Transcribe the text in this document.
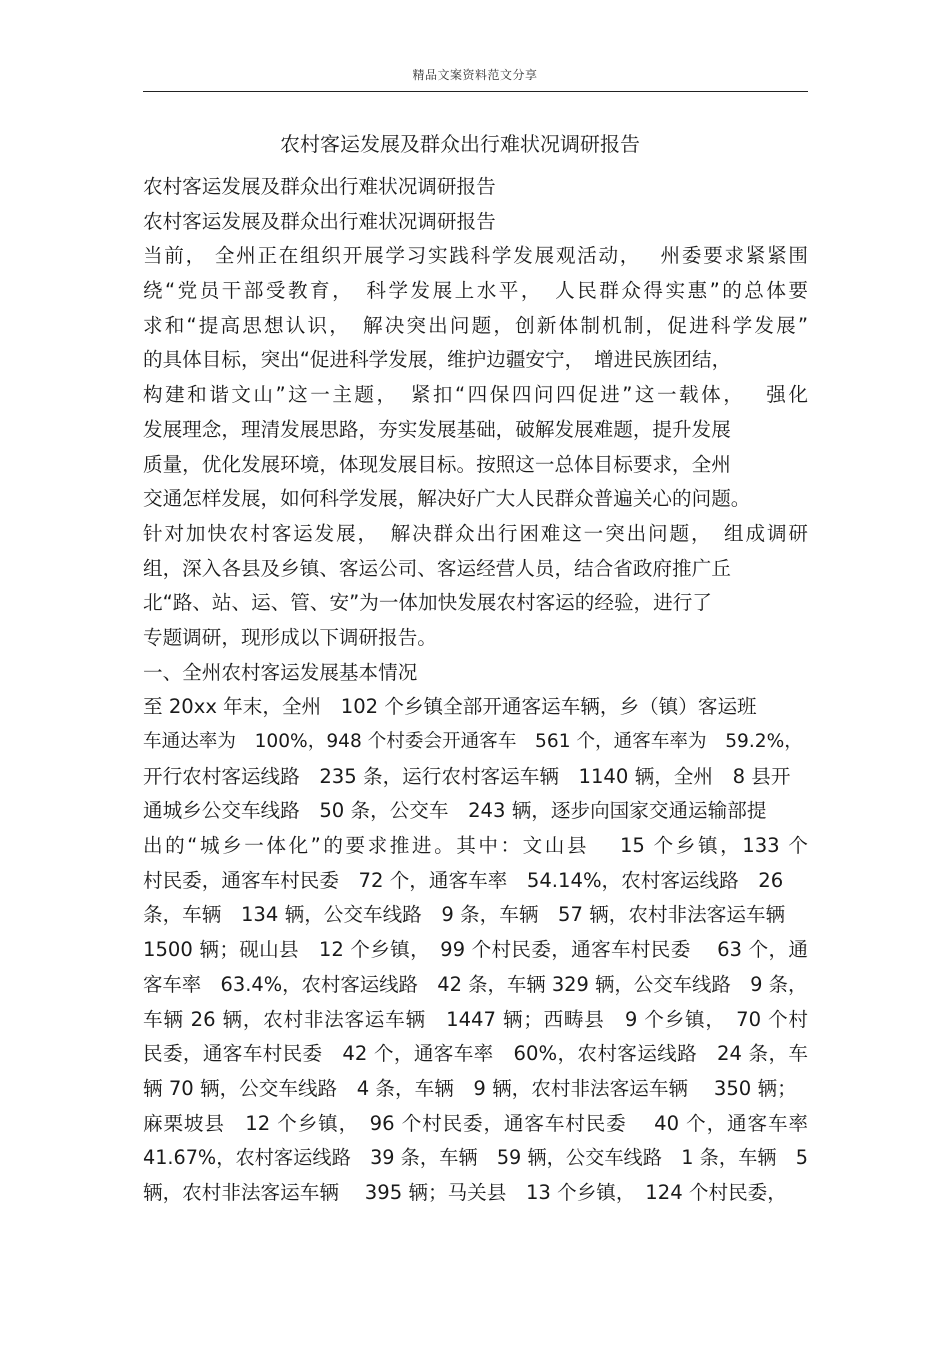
精品文案资料范文分享
农村客运发展及群众出行难状况调研报告
农村客运发展及群众出行难状况调研报告
农村客运发展及群众出行难状况调研报告
当前， 全州正在组织开展学习实践科学发展观活动，　 州委要求紧紧围
绕“党员干部受教育，　科学发展上水平，　人民群众得实惠”的总体要
求和“提高思想认识，　解决突出问题，创新体制机制，促进科学发展”
的具体目标，突出“促进科学发展，维护边疆安宁，　增进民族团结，
构建和谐文山”这一主题，　紧扣“四保四问四促进”这一载体，　 强化
发展理念，理清发展思路，夯实发展基础，破解发展难题，提升发展
质量，优化发展环境，体现发展目标。按照这一总体目标要求，全州
交通怎样发展，如何科学发展，解决好广大人民群众普遍关心的问题。
针对加快农村客运发展，　解决群众出行困难这一突出问题，　组成调研
组，深入各县及乡镇、客运公司、客运经营人员，结合省政府推广丘
北“路、站、运、管、安”为一体加快发展农村客运的经验，进行了
专题调研，现形成以下调研报告。
一、全州农村客运发展基本情况
至 20xx 年末，全州　102 个乡镇全部开通客运车辆，乡（镇）客运班
车通达率为　100%，948 个村委会开通客车　561 个，通客车率为　59.2%，
开行农村客运线路　235 条，运行农村客运车辆　1140 辆，全州　8 县开
通城乡公交车线路　50 条，公交车　243 辆，逐步向国家交通运输部提
出的“城乡一体化”的要求推进。其中：文山县　 15 个乡镇，133 个
村民委，通客车村民委　72 个，通客车率　54.14%，农村客运线路　26
条，车辆　134 辆，公交车线路　9 条，车辆　57 辆，农村非法客运车辆
1500 辆；砚山县　12 个乡镇，　99 个村民委，通客车村民委　 63 个，通
客车率　63.4%，农村客运线路　42 条，车辆 329 辆，公交车线路　9 条，
车辆 26 辆，农村非法客运车辆　1447 辆；西畴县　9 个乡镇，　70 个村
民委，通客车村民委　42 个，通客车率　60%，农村客运线路　24 条，车
辆 70 辆，公交车线路　4 条，车辆　9 辆，农村非法客运车辆　 350 辆；
麻栗坡县　12 个乡镇，　96 个村民委，通客车村民委　 40 个，通客车率
41.67%，农村客运线路　39 条，车辆　59 辆，公交车线路　1 条，车辆　5
辆，农村非法客运车辆　 395 辆；马关县　13 个乡镇，　124 个村民委，
